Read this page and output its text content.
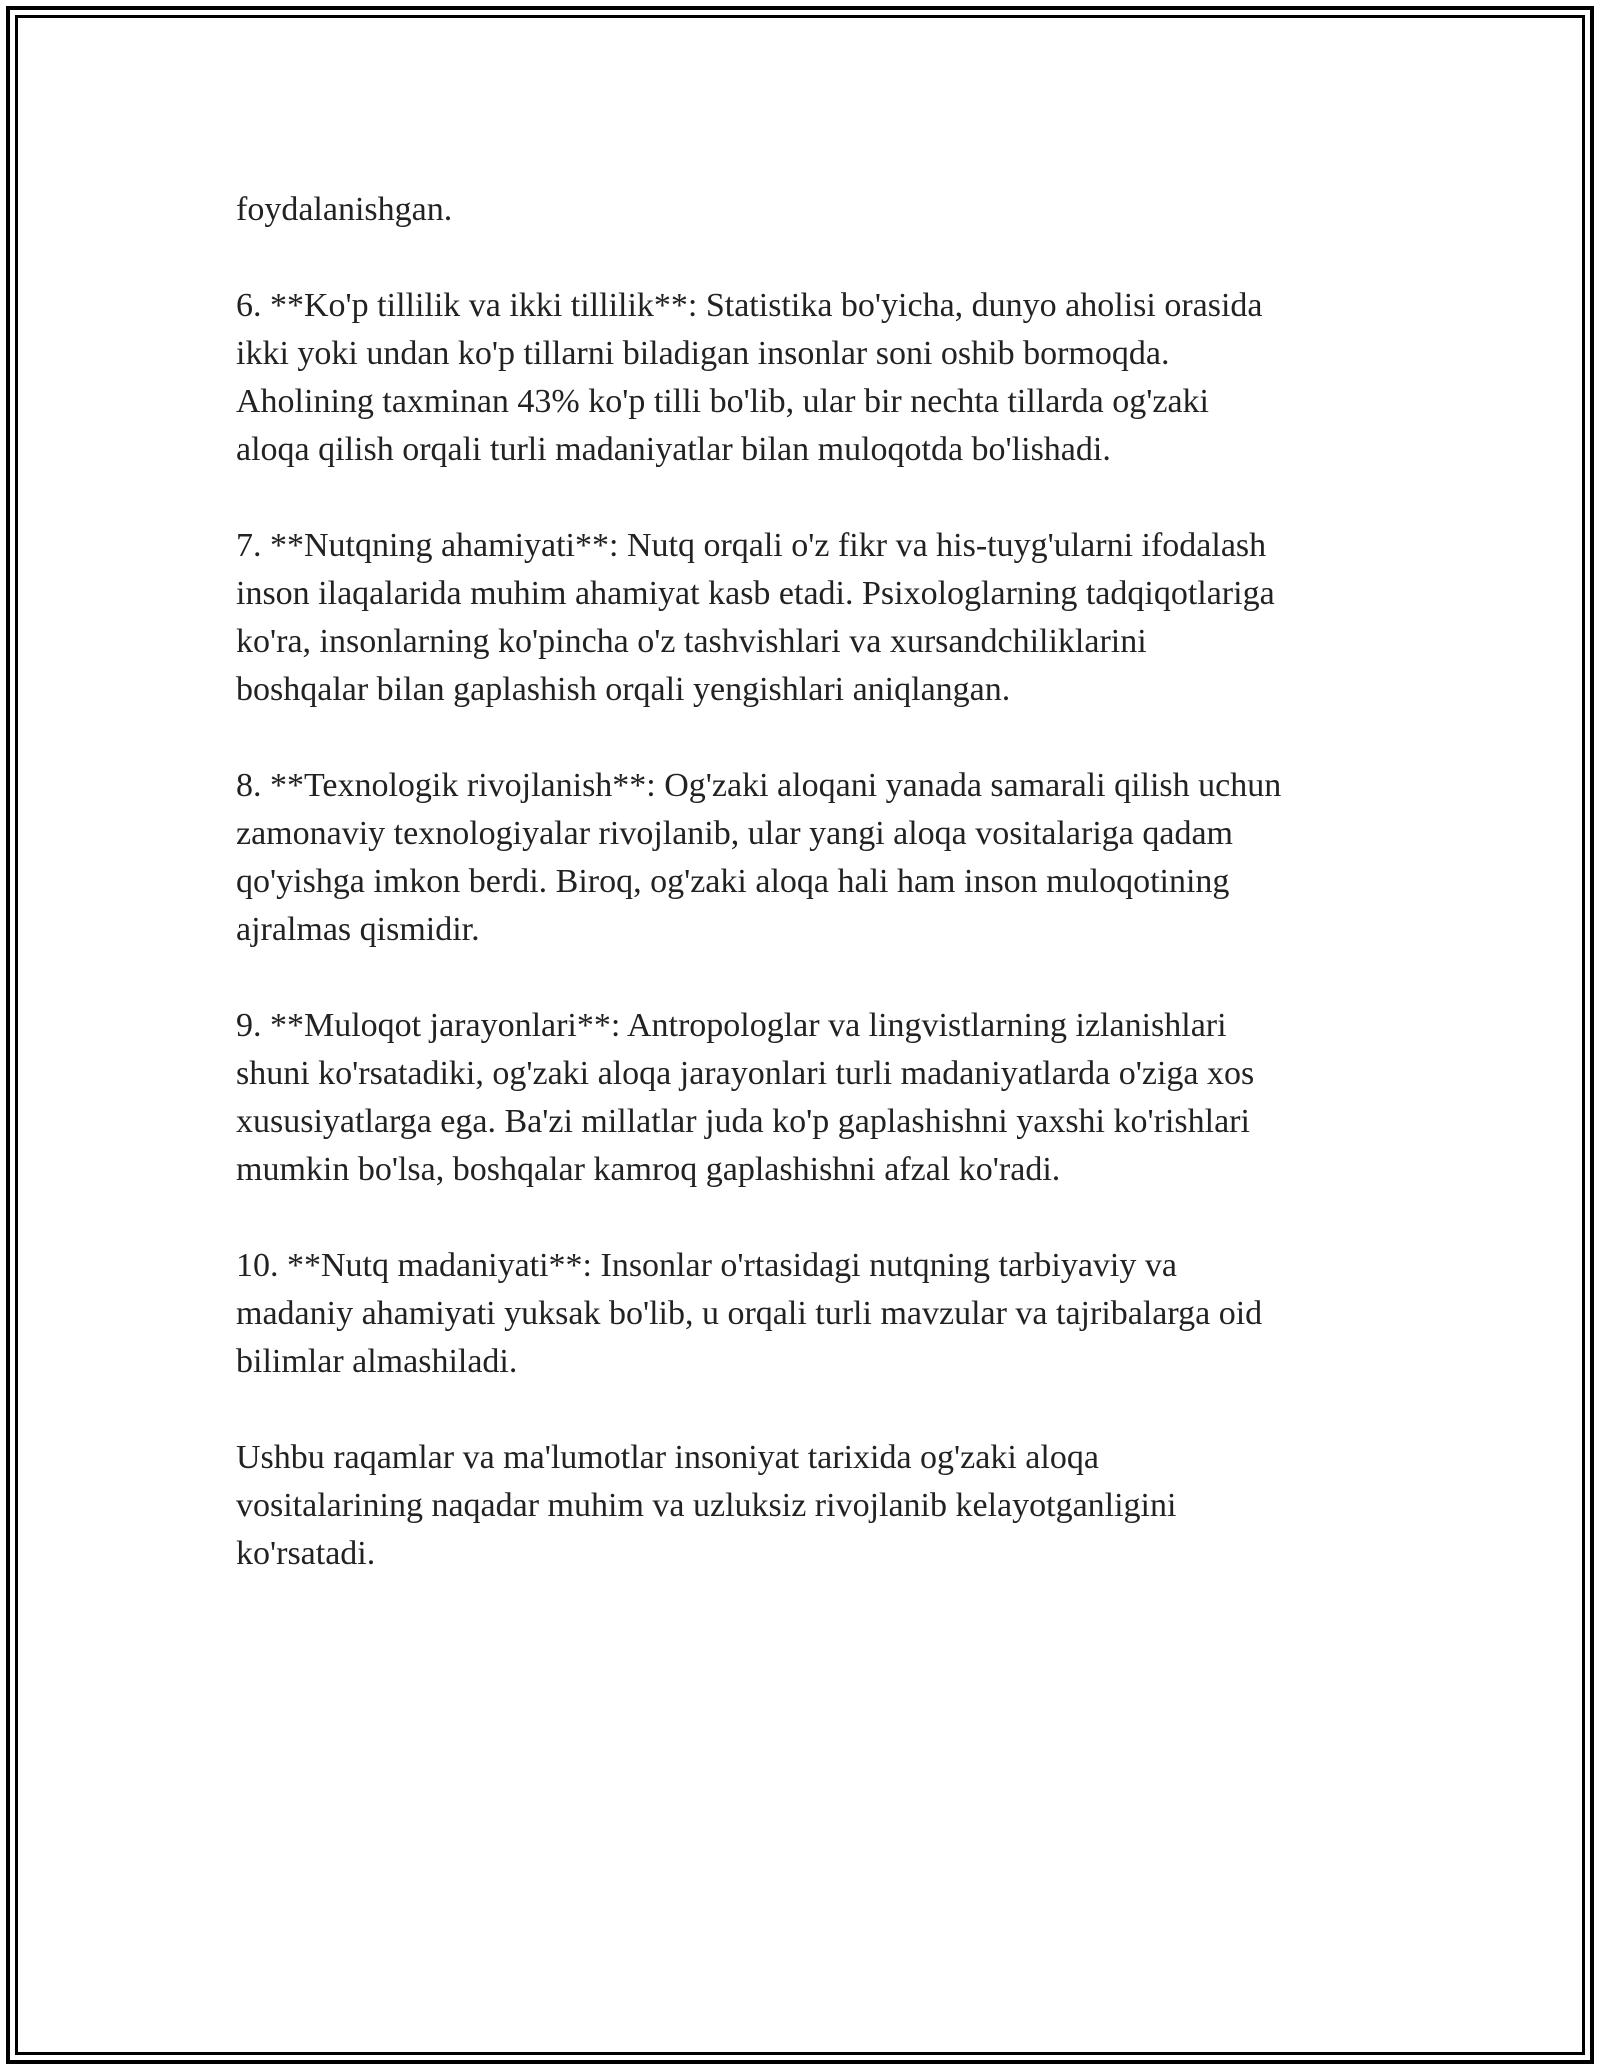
foydalanishgan.

6. **Ko'p tillilik va ikki tillilik**: Statistika bo'yicha, dunyo aholisi orasida
ikki yoki undan ko'p tillarni biladigan insonlar soni oshib bormoqda.
Aholining taxminan 43% ko'p tilli bo'lib, ular bir nechta tillarda og'zaki
aloqa qilish orqali turli madaniyatlar bilan muloqotda bo'lishadi.

7. **Nutqning ahamiyati**: Nutq orqali o'z fikr va his-tuyg'ularni ifodalash
inson ilaqalarida muhim ahamiyat kasb etadi. Psixologlarning tadqiqotlariga
ko'ra, insonlarning ko'pincha o'z tashvishlari va xursandchiliklarini
boshqalar bilan gaplashish orqali yengishlari aniqlangan.

8. **Texnologik rivojlanish**: Og'zaki aloqani yanada samarali qilish uchun
zamonaviy texnologiyalar rivojlanib, ular yangi aloqa vositalariga qadam
qo'yishga imkon berdi. Biroq, og'zaki aloqa hali ham inson muloqotining
ajralmas qismidir.

9. **Muloqot jarayonlari**: Antropologlar va lingvistlarning izlanishlari
shuni ko'rsatadiki, og'zaki aloqa jarayonlari turli madaniyatlarda o'ziga xos
xususiyatlarga ega. Ba'zi millatlar juda ko'p gaplashishni yaxshi ko'rishlari
mumkin bo'lsa, boshqalar kamroq gaplashishni afzal ko'radi.

10. **Nutq madaniyati**: Insonlar o'rtasidagi nutqning tarbiyaviy va
madaniy ahamiyati yuksak bo'lib, u orqali turli mavzular va tajribalarga oid
bilimlar almashiladi.

Ushbu raqamlar va ma'lumotlar insoniyat tarixida og'zaki aloqa
vositalarining naqadar muhim va uzluksiz rivojlanib kelayotganligini
ko'rsatadi.
